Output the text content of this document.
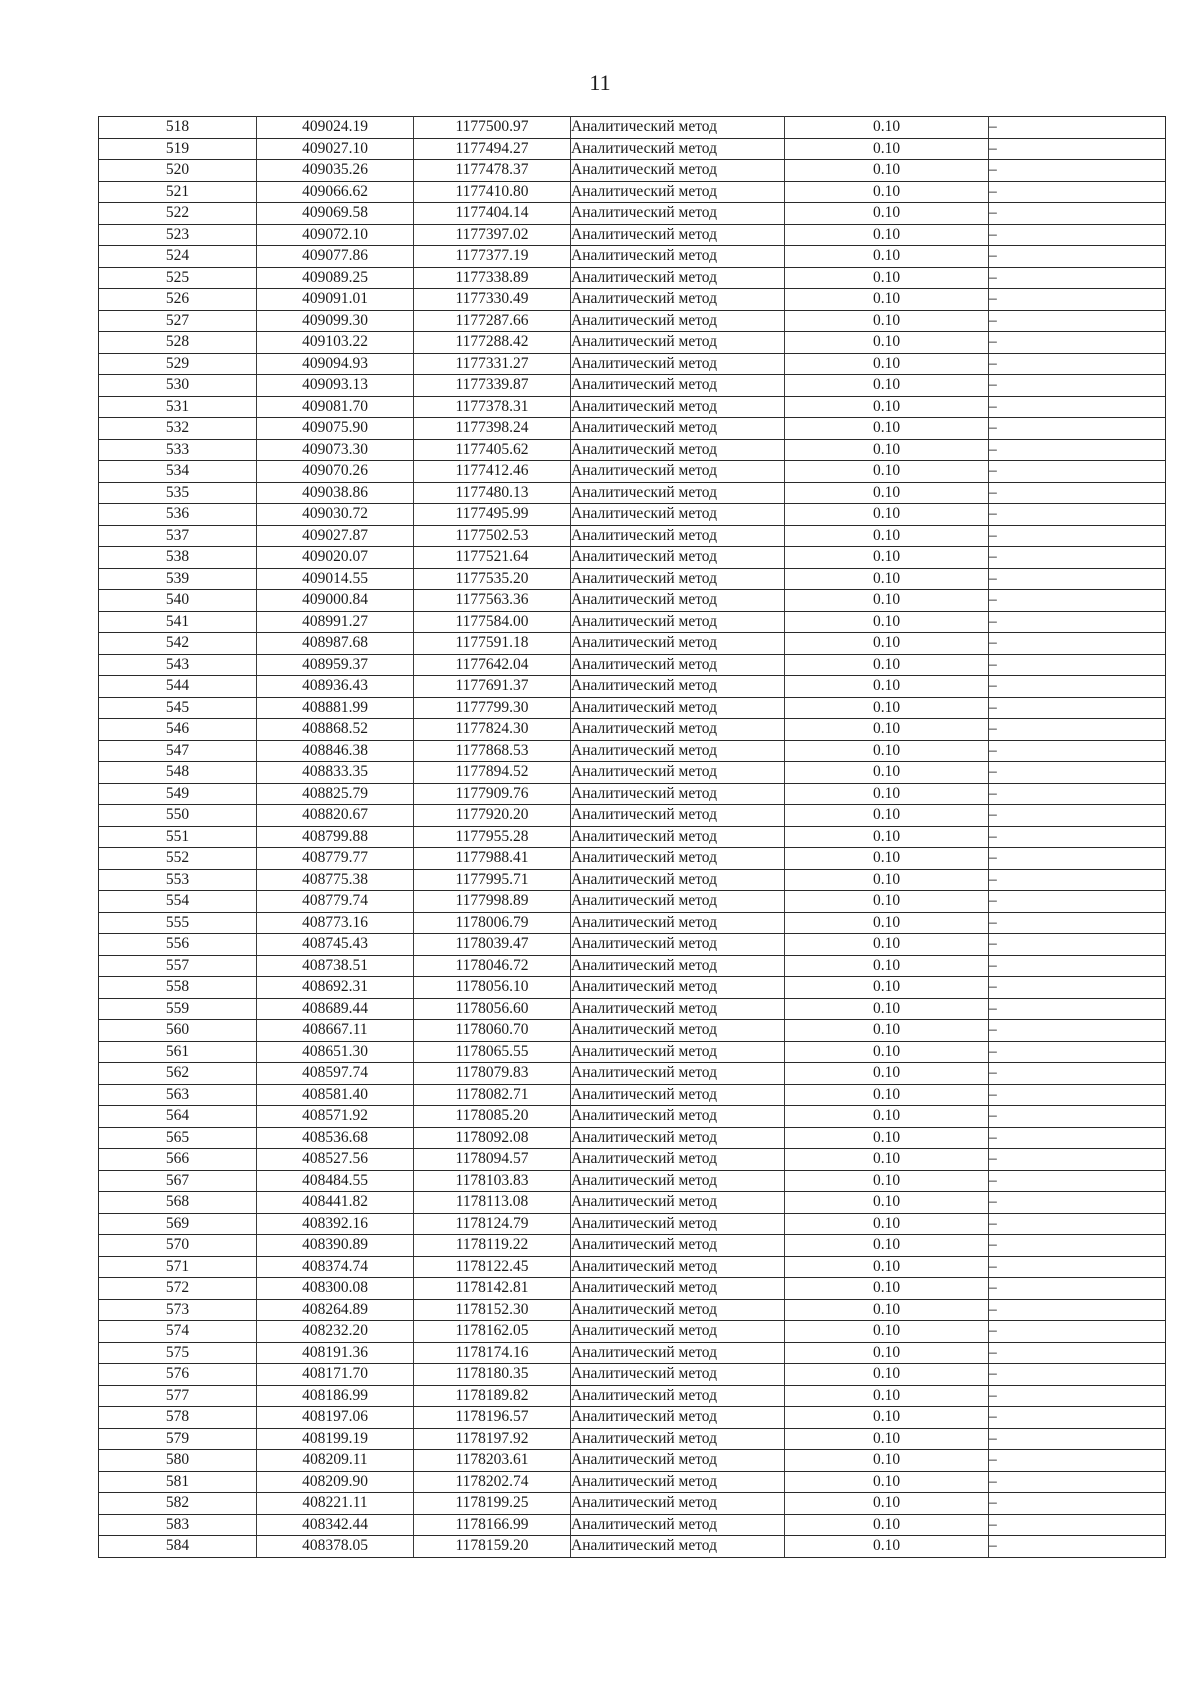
11
518	409024.19	1177500.97	Аналитический метод	0.10	–
519	409027.10	1177494.27	Аналитический метод	0.10	–
520	409035.26	1177478.37	Аналитический метод	0.10	–
521	409066.62	1177410.80	Аналитический метод	0.10	–
522	409069.58	1177404.14	Аналитический метод	0.10	–
523	409072.10	1177397.02	Аналитический метод	0.10	–
524	409077.86	1177377.19	Аналитический метод	0.10	–
525	409089.25	1177338.89	Аналитический метод	0.10	–
526	409091.01	1177330.49	Аналитический метод	0.10	–
527	409099.30	1177287.66	Аналитический метод	0.10	–
528	409103.22	1177288.42	Аналитический метод	0.10	–
529	409094.93	1177331.27	Аналитический метод	0.10	–
530	409093.13	1177339.87	Аналитический метод	0.10	–
531	409081.70	1177378.31	Аналитический метод	0.10	–
532	409075.90	1177398.24	Аналитический метод	0.10	–
533	409073.30	1177405.62	Аналитический метод	0.10	–
534	409070.26	1177412.46	Аналитический метод	0.10	–
535	409038.86	1177480.13	Аналитический метод	0.10	–
536	409030.72	1177495.99	Аналитический метод	0.10	–
537	409027.87	1177502.53	Аналитический метод	0.10	–
538	409020.07	1177521.64	Аналитический метод	0.10	–
539	409014.55	1177535.20	Аналитический метод	0.10	–
540	409000.84	1177563.36	Аналитический метод	0.10	–
541	408991.27	1177584.00	Аналитический метод	0.10	–
542	408987.68	1177591.18	Аналитический метод	0.10	–
543	408959.37	1177642.04	Аналитический метод	0.10	–
544	408936.43	1177691.37	Аналитический метод	0.10	–
545	408881.99	1177799.30	Аналитический метод	0.10	–
546	408868.52	1177824.30	Аналитический метод	0.10	–
547	408846.38	1177868.53	Аналитический метод	0.10	–
548	408833.35	1177894.52	Аналитический метод	0.10	–
549	408825.79	1177909.76	Аналитический метод	0.10	–
550	408820.67	1177920.20	Аналитический метод	0.10	–
551	408799.88	1177955.28	Аналитический метод	0.10	–
552	408779.77	1177988.41	Аналитический метод	0.10	–
553	408775.38	1177995.71	Аналитический метод	0.10	–
554	408779.74	1177998.89	Аналитический метод	0.10	–
555	408773.16	1178006.79	Аналитический метод	0.10	–
556	408745.43	1178039.47	Аналитический метод	0.10	–
557	408738.51	1178046.72	Аналитический метод	0.10	–
558	408692.31	1178056.10	Аналитический метод	0.10	–
559	408689.44	1178056.60	Аналитический метод	0.10	–
560	408667.11	1178060.70	Аналитический метод	0.10	–
561	408651.30	1178065.55	Аналитический метод	0.10	–
562	408597.74	1178079.83	Аналитический метод	0.10	–
563	408581.40	1178082.71	Аналитический метод	0.10	–
564	408571.92	1178085.20	Аналитический метод	0.10	–
565	408536.68	1178092.08	Аналитический метод	0.10	–
566	408527.56	1178094.57	Аналитический метод	0.10	–
567	408484.55	1178103.83	Аналитический метод	0.10	–
568	408441.82	1178113.08	Аналитический метод	0.10	–
569	408392.16	1178124.79	Аналитический метод	0.10	–
570	408390.89	1178119.22	Аналитический метод	0.10	–
571	408374.74	1178122.45	Аналитический метод	0.10	–
572	408300.08	1178142.81	Аналитический метод	0.10	–
573	408264.89	1178152.30	Аналитический метод	0.10	–
574	408232.20	1178162.05	Аналитический метод	0.10	–
575	408191.36	1178174.16	Аналитический метод	0.10	–
576	408171.70	1178180.35	Аналитический метод	0.10	–
577	408186.99	1178189.82	Аналитический метод	0.10	–
578	408197.06	1178196.57	Аналитический метод	0.10	–
579	408199.19	1178197.92	Аналитический метод	0.10	–
580	408209.11	1178203.61	Аналитический метод	0.10	–
581	408209.90	1178202.74	Аналитический метод	0.10	–
582	408221.11	1178199.25	Аналитический метод	0.10	–
583	408342.44	1178166.99	Аналитический метод	0.10	–
584	408378.05	1178159.20	Аналитический метод	0.10	–
